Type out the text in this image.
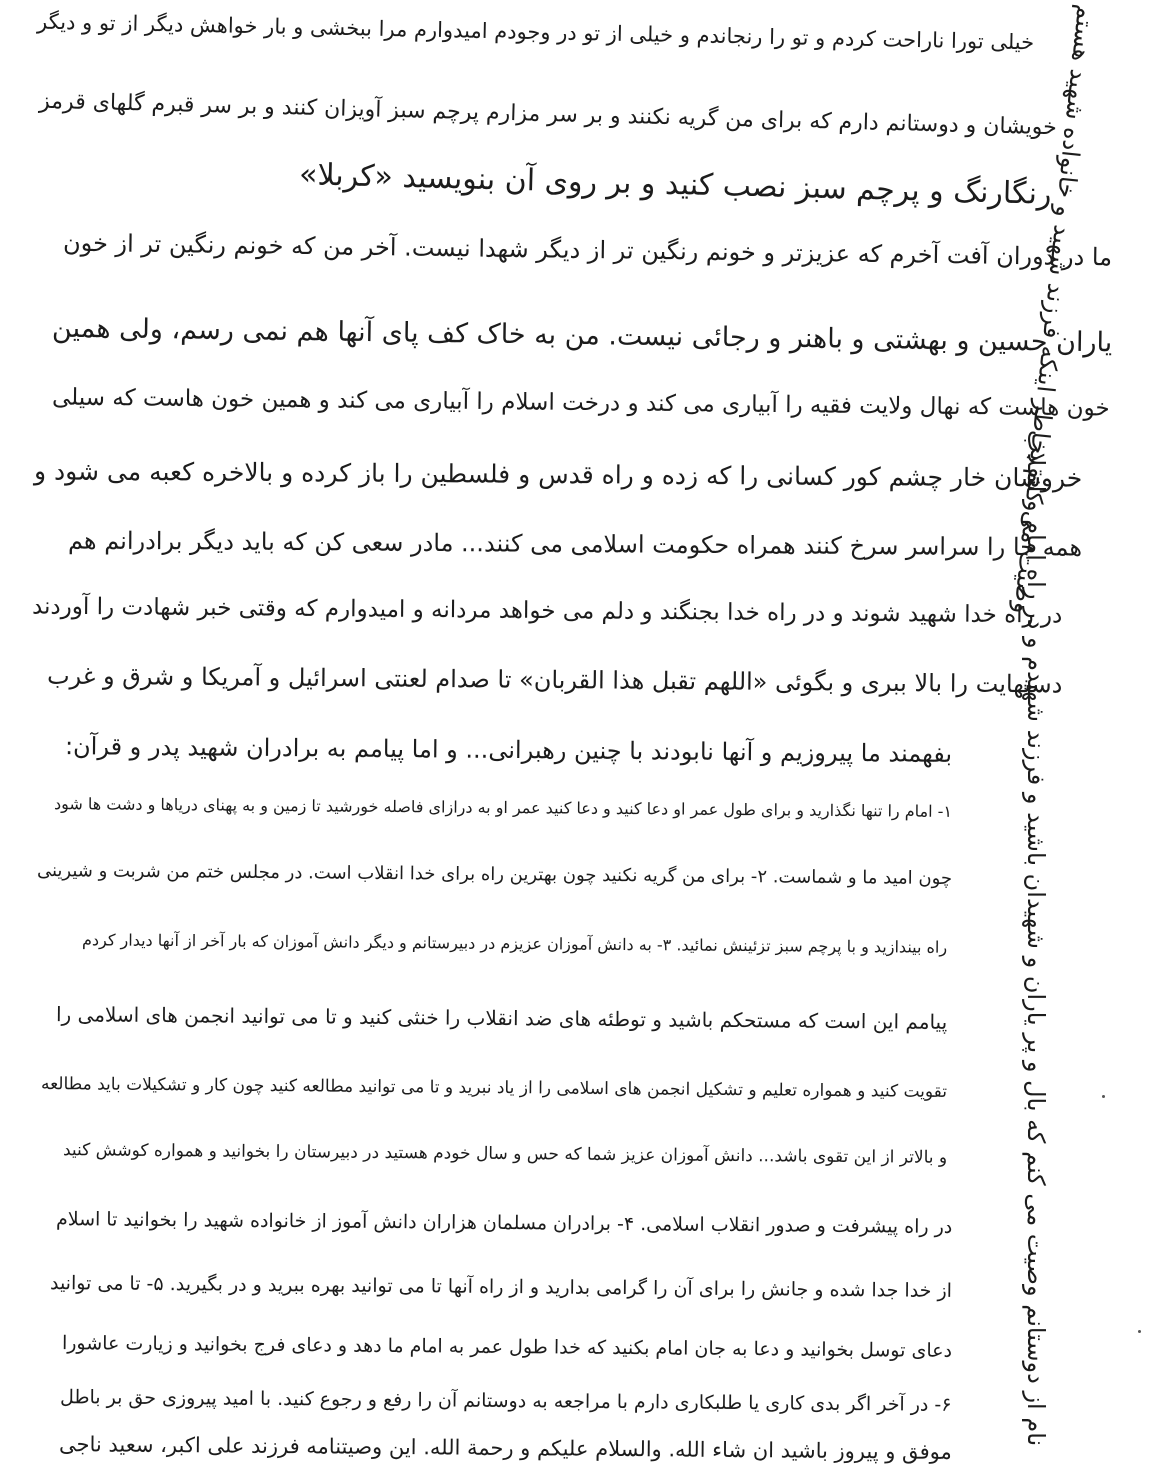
خیلی تورا ناراحت کردم و تو را رنجاندم و خیلی از تو در وجودم امیدوارم مرا ببخشی و بار خواهش دیگر از تو و دیگر
خویشان و دوستانم دارم که برای من گریه نکنند و بر سر مزارم پرچم سبز آویزان کنند و بر سر قبرم گلهای قرمز
رنگارنگ و پرچم سبز نصب کنید و بر روی آن بنویسید «کربلا»
ما در دوران آفت آخرم که عزیزتر و خونم رنگین تر از دیگر شهدا نیست. آخر من که خونم رنگین تر از خون
یاران حسین و بهشتی و باهنر و رجائی نیست. من به خاک کف پای آنها هم نمی رسم، ولی همین
خون هاست که نهال ولایت فقیه را آبیاری می کند و درخت اسلام را آبیاری می کند و همین خون هاست که سیلی
خروشان خار چشم کور کسانی را که زده و راه قدس و فلسطین را باز کرده و بالاخره کعبه می شود و
همه جا را سراسر سرخ کنند همراه حکومت اسلامی می کنند... مادر سعی کن که باید دیگر برادرانم هم
در راه خدا شهید شوند و در راه خدا بجنگند و دلم می خواهد مردانه و امیدوارم که وقتی خبر شهادت را آوردند
دستهایت را بالا ببری و بگوئی «اللهم تقبل هذا القربان» تا صدام لعنتی اسرائیل و آمریکا و شرق و غرب
بفهمند ما پیروزیم و آنها نابودند با چنین رهبرانی... و اما پیامم به برادران شهید پدر و قرآن:
۱- امام را تنها نگذارید و برای طول عمر او دعا کنید و دعا کنید عمر او به درازای فاصله خورشید تا زمین و به پهنای دریاها و دشت ها شود
چون امید ما و شماست. ۲- برای من گریه نکنید چون بهترین راه برای خدا انقلاب است. در مجلس ختم من شربت و شیرینی
راه بیندازید و با پرچم سبز تزئینش نمائید. ۳- به دانش آموزان عزیزم در دبیرستانم و دیگر دانش آموزان که بار آخر از آنها دیدار کردم
پیامم این است که مستحکم باشید و توطئه های ضد انقلاب را خنثی کنید و تا می توانید انجمن های اسلامی را
تقویت کنید و همواره تعلیم و تشکیل انجمن های اسلامی را از یاد نبرید و تا می توانید مطالعه کنید چون کار و تشکیلات باید مطالعه
و بالاتر از این تقوی باشد... دانش آموزان عزیز شما که حس و سال خودم هستید در دبیرستان را بخوانید و همواره کوشش کنید
در راه پیشرفت و صدور انقلاب اسلامی. ۴- برادران مسلمان هزاران دانش آموز از خانواده شهید را بخوانید تا اسلام
از خدا جدا شده و جانش را برای آن را گرامی بدارید و از راه آنها تا می توانید بهره ببرید و در بگیرید. ۵- تا می توانید
دعای توسل بخوانید و دعا به جان امام بکنید که خدا طول عمر به امام ما دهد و دعای فرج بخوانید و زیارت عاشورا
۶- در آخر اگر بدی کاری یا طلبکاری دارم با مراجعه به دوستانم آن را رفع و رجوع کنید. با امید پیروزی حق بر باطل
موفق و پیروز باشید ان شاء الله. والسلام علیکم و رحمة الله. این وصیتنامه فرزند علی اکبر، سعید ناجی
وصیت می کنم بخاطر اینکه فرزند شهید و خانواده شهید هستم
نام از دوستانم وصیت می کنم که بال و پر یاران و شهیدان باشید و فرزند شهیدم و در راه امام و انقلاب
